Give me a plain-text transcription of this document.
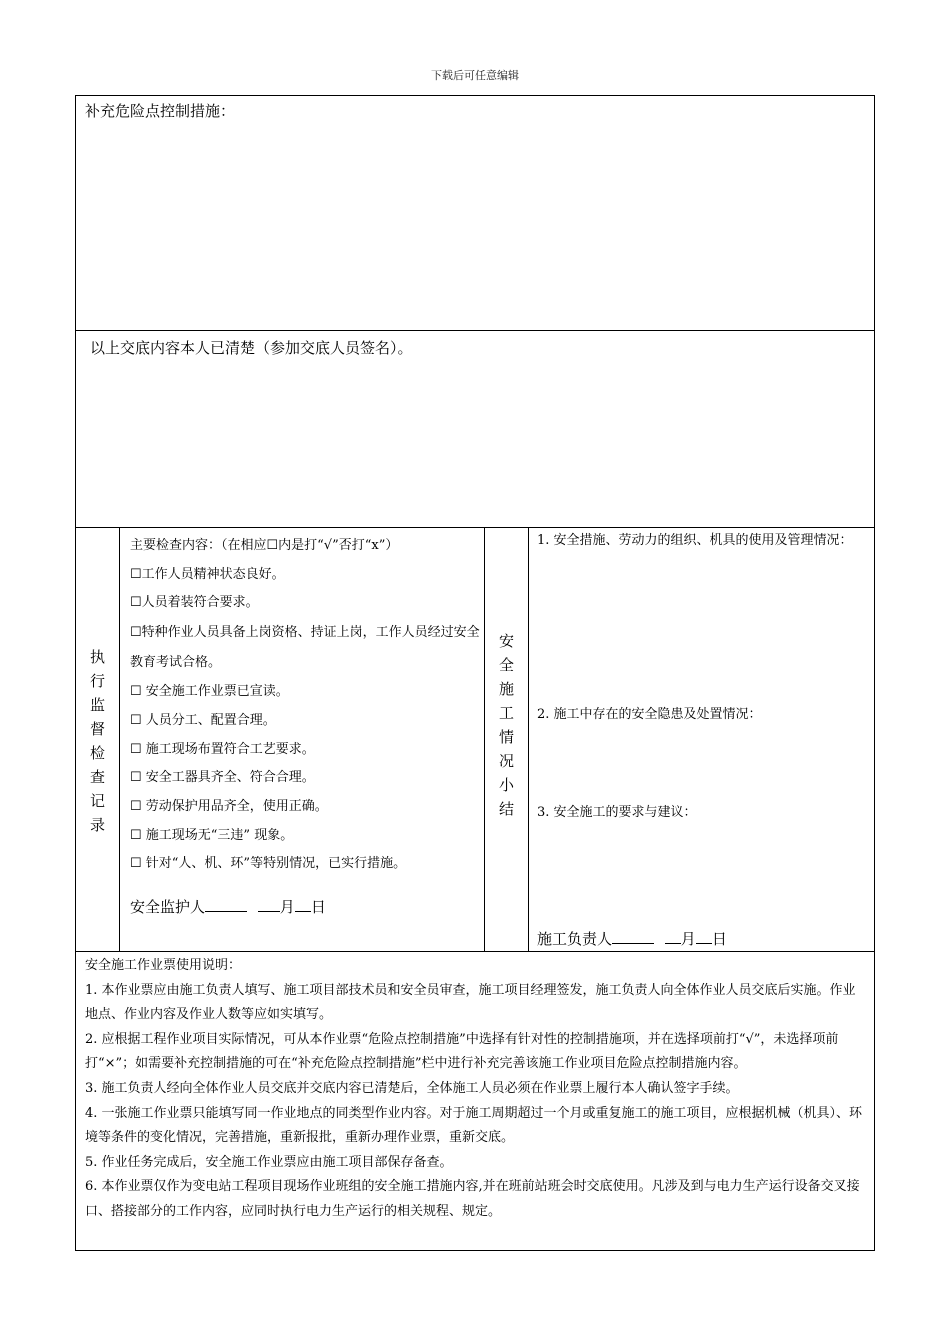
下载后可任意编辑
补充危险点控制措施：
以上交底内容本人已清楚（参加交底人员签名）。
执
行
监
督
检
查
记
录
主要检查内容：（在相应☐内是打“√”否打“x”）
☐工作人员精神状态良好。
☐人员着装符合要求。
☐特种作业人员具备上岗资格、持证上岗，工作人员经过安全教育考试合格。
☐ 安全施工作业票已宣读。
☐ 人员分工、配置合理。
☐ 施工现场布置符合工艺要求。
☐ 安全工器具齐全、符合合理。
☐ 劳动保护用品齐全，使用正确。
☐ 施工现场无“三违” 现象。
☐ 针对“人、机、环”等特别情况，已实行措施。
安全监护人	月 日
安
全
施
工
情
况
小
结
1. 安全措施、劳动力的组织、机具的使用及管理情况：
2. 施工中存在的安全隐患及处置情况：
3. 安全施工的要求与建议：
施工负责人	月 日

安全施工作业票使用说明：

1. 本作业票应由施工负责人填写、施工项目部技术员和安全员审查，施工项目经理签发，施工负责人向全体作业人员交底后实施。作业地点、作业内容及作业人数等应如实填写。

2. 应根据工程作业项目实际情况，可从本作业票“危险点控制措施”中选择有针对性的控制措施项，并在选择项前打“√”，未选择项前打“×”；如需要补充控制措施的可在“补充危险点控制措施”栏中进行补充完善该施工作业项目危险点控制措施内容。

3. 施工负责人经向全体作业人员交底并交底内容已清楚后，全体施工人员必须在作业票上履行本人确认签字手续。

4. 一张施工作业票只能填写同一作业地点的同类型作业内容。对于施工周期超过一个月或重复施工的施工项目，应根据机械（机具）、环境等条件的变化情况，完善措施，重新报批，重新办理作业票，重新交底。

5. 作业任务完成后，安全施工作业票应由施工项目部保存备查。

6. 本作业票仅作为变电站工程项目现场作业班组的安全施工措施内容,并在班前站班会时交底使用。凡涉及到与电力生产运行设备交叉接口、搭接部分的工作内容，应同时执行电力生产运行的相关规程、规定。
